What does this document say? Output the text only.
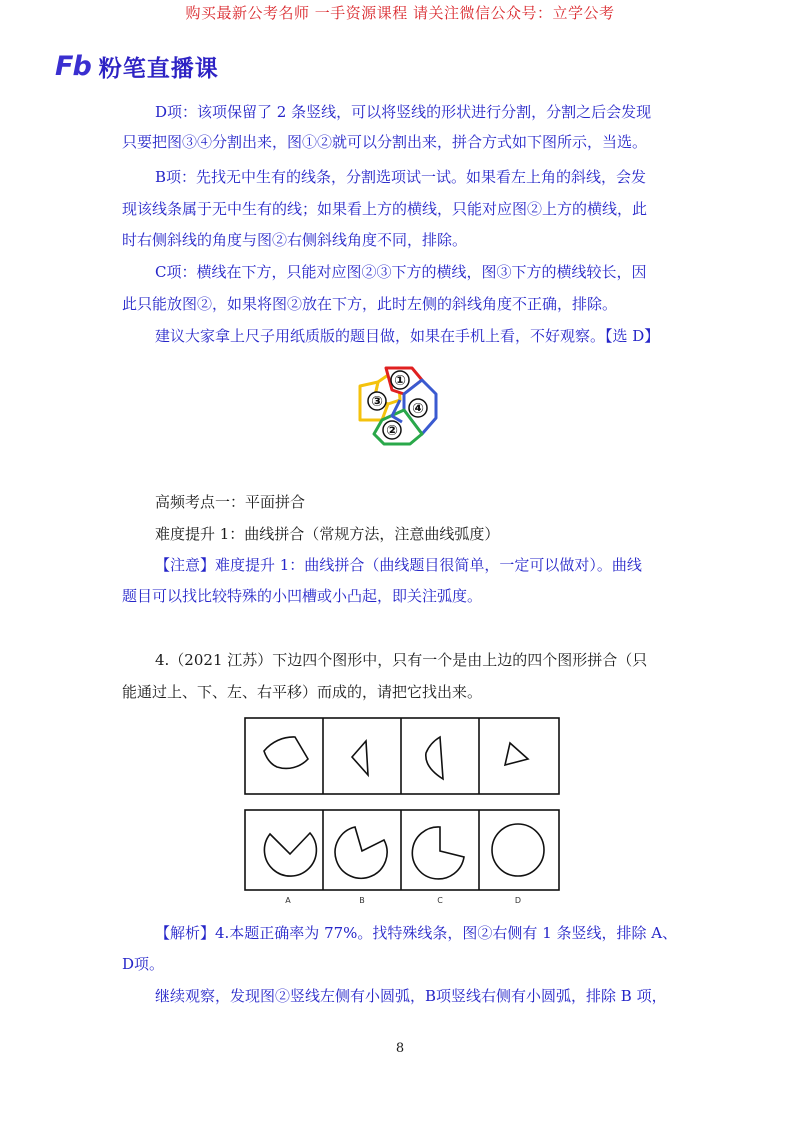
购买最新公考名师 一手资源课程 请关注微信公众号：立学公考
Fb 粉笔直播课
D项：该项保留了 2 条竖线，可以将竖线的形状进行分割，分割之后会发现
只要把图③④分割出来，图①②就可以分割出来，拼合方式如下图所示，当选。
B项：先找无中生有的线条，分割选项试一试。如果看左上角的斜线，会发
现该线条属于无中生有的线；如果看上方的横线，只能对应图②上方的横线，此
时右侧斜线的角度与图②右侧斜线角度不同，排除。
C项：横线在下方，只能对应图②③下方的横线，图③下方的横线较长，因
此只能放图②，如果将图②放在下方，此时左侧的斜线角度不正确，排除。
建议大家拿上尺子用纸质版的题目做，如果在手机上看，不好观察。【选 D】
①
③ ④
②
高频考点一：平面拼合
难度提升 1：曲线拼合（常规方法，注意曲线弧度）
【注意】难度提升 1：曲线拼合（曲线题目很简单，一定可以做对）。曲线
题目可以找比较特殊的小凹槽或小凸起，即关注弧度。
4.（2021 江苏）下边四个图形中，只有一个是由上边的四个图形拼合（只
能通过上、下、左、右平移）而成的，请把它找出来。
A	B	C	D
【解析】4.本题正确率为 77%。找特殊线条，图②右侧有 1 条竖线，排除 A、
D项。
继续观察，发现图②竖线左侧有小圆弧，B项竖线右侧有小圆弧，排除 B 项，
8
